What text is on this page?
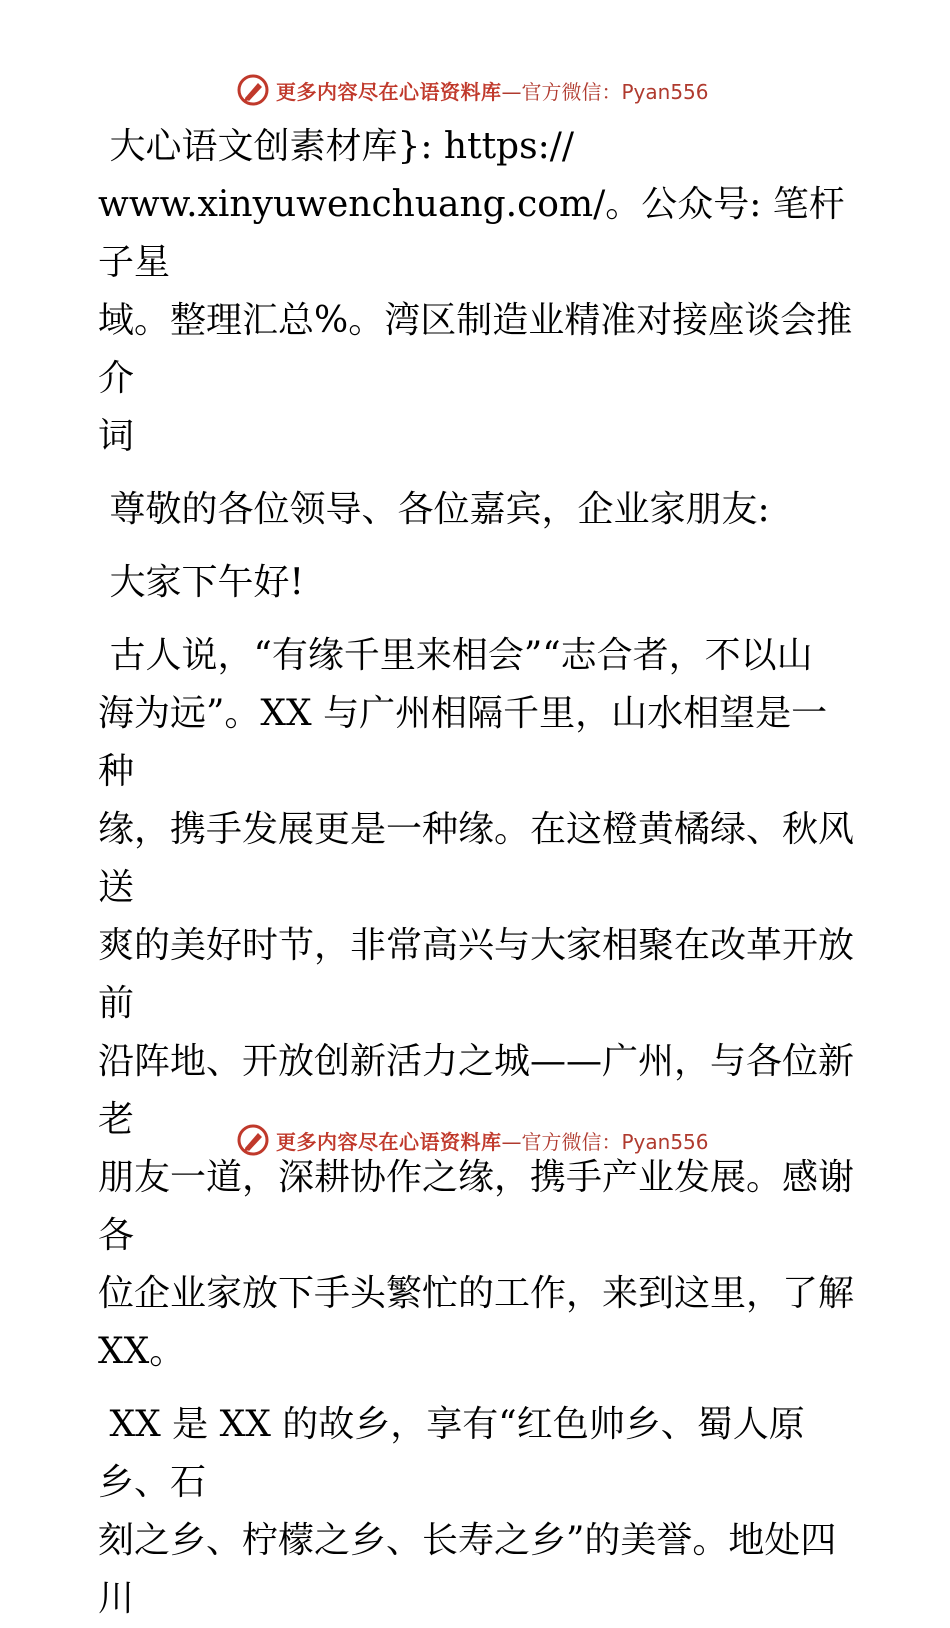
更多内容尽在心语资料库 —官方微信：Pyan556

大心语文创素材库}: https://
www.xinyuwenchuang.com/。公众号: 笔杆子星
域。整理汇总%。湾区制造业精准对接座谈会推介
词

尊敬的各位领导、各位嘉宾，企业家朋友:

大家下午好!

古人说，“有缘千里来相会”“志合者，不以山
海为远”。XX 与广州相隔千里，山水相望是一种
缘，携手发展更是一种缘。在这橙黄橘绿、秋风送
爽的美好时节，非常高兴与大家相聚在改革开放前
沿阵地、开放创新活力之城——广州，与各位新老
朋友一道，深耕协作之缘，携手产业发展。感谢各
位企业家放下手头繁忙的工作，来到这里，了解
XX。

XX 是 XX 的故乡，享有“红色帅乡、蜀人原乡、石
刻之乡、柠檬之乡、长寿之乡”的美誉。地处四川

更多内容尽在心语资料库 —官方微信：Pyan556
